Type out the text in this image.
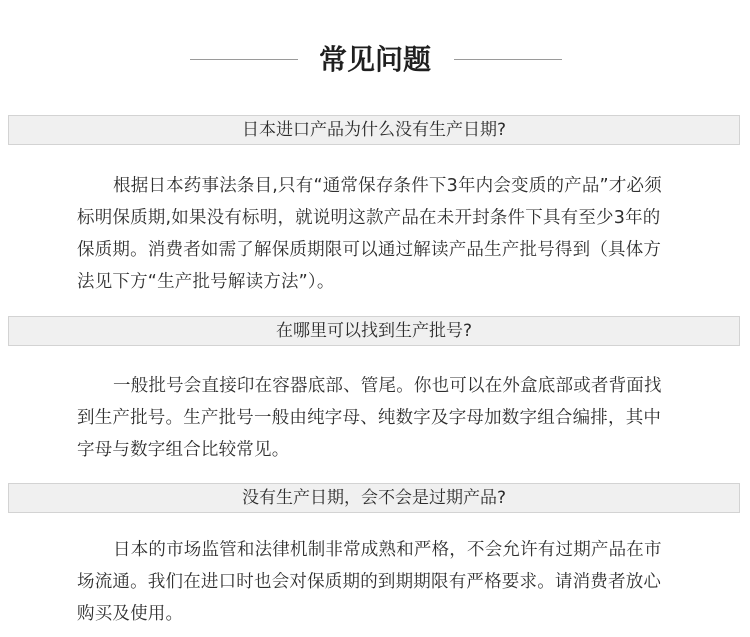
常见问题
日本进口产品为什么没有生产日期?
根据日本药事法条目,只有“通常保存条件下3年内会变质的产品”才必须标明保质期,如果没有标明，就说明这款产品在未开封条件下具有至少3年的保质期。消费者如需了解保质期限可以通过解读产品生产批号得到（具体方法见下方“生产批号解读方法”）。
在哪里可以找到生产批号?
一般批号会直接印在容器底部、管尾。你也可以在外盒底部或者背面找到生产批号。生产批号一般由纯字母、纯数字及字母加数字组合编排，其中字母与数字组合比较常见。
没有生产日期，会不会是过期产品?
日本的市场监管和法律机制非常成熟和严格，不会允许有过期产品在市场流通。我们在进口时也会对保质期的到期期限有严格要求。请消费者放心购买及使用。
